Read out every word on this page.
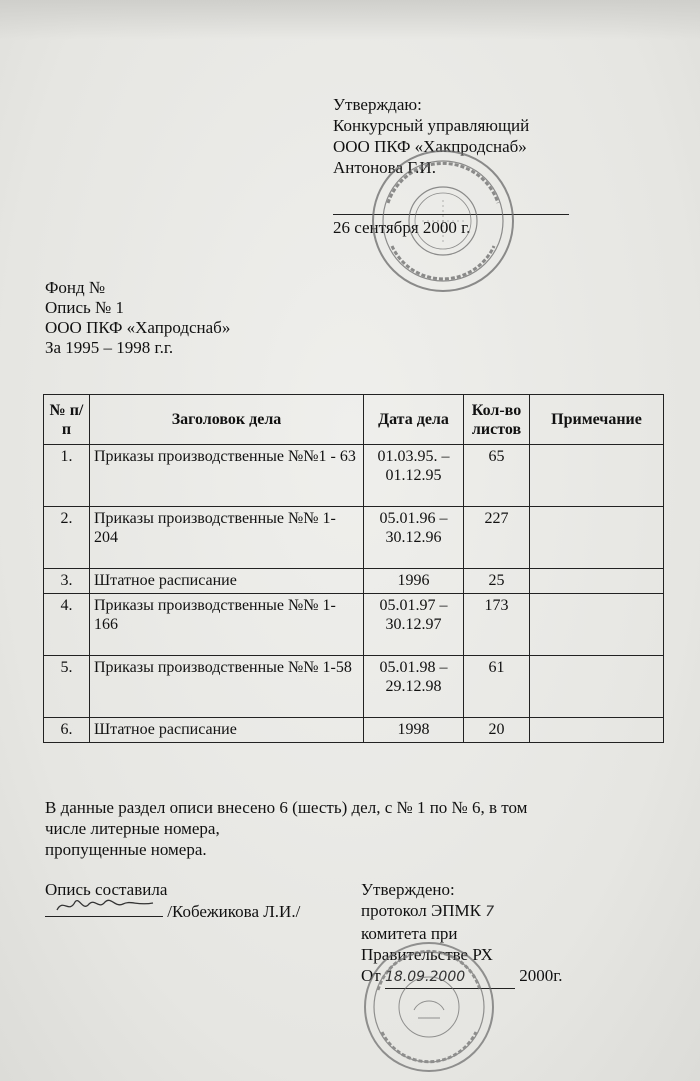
Утверждаю:
Конкурсный управляющий
ООО ПКФ «Хакпродснаб»
Антонова Г.И.
26 сентября 2000 г.
Фонд №
Опись № 1
ООО ПКФ «Хапродснаб»
За 1995 – 1998 г.г.
№ п/п	Заголовок дела	Дата дела	Кол-во листов	Примечание
1.	Приказы производственные №№1 - 63	01.03.95. – 01.12.95	65	
2.	Приказы производственные №№ 1-204	05.01.96 – 30.12.96	227	
3.	Штатное расписание	1996	25	
4.	Приказы производственные №№ 1-166	05.01.97 – 30.12.97	173	
5.	Приказы производственные №№ 1-58	05.01.98 – 29.12.98	61	
6.	Штатное расписание	1998	20	
В данные раздел описи внесено 6 (шесть) дел, с № 1 по № 6, в том
числе литерные номера,
пропущенные номера.
Опись составила
/Кобежикова Л.И./
Утверждено:
протокол ЭПМК 7
комитета при
Правительстве РХ
От 18.09.2000	2000г.
